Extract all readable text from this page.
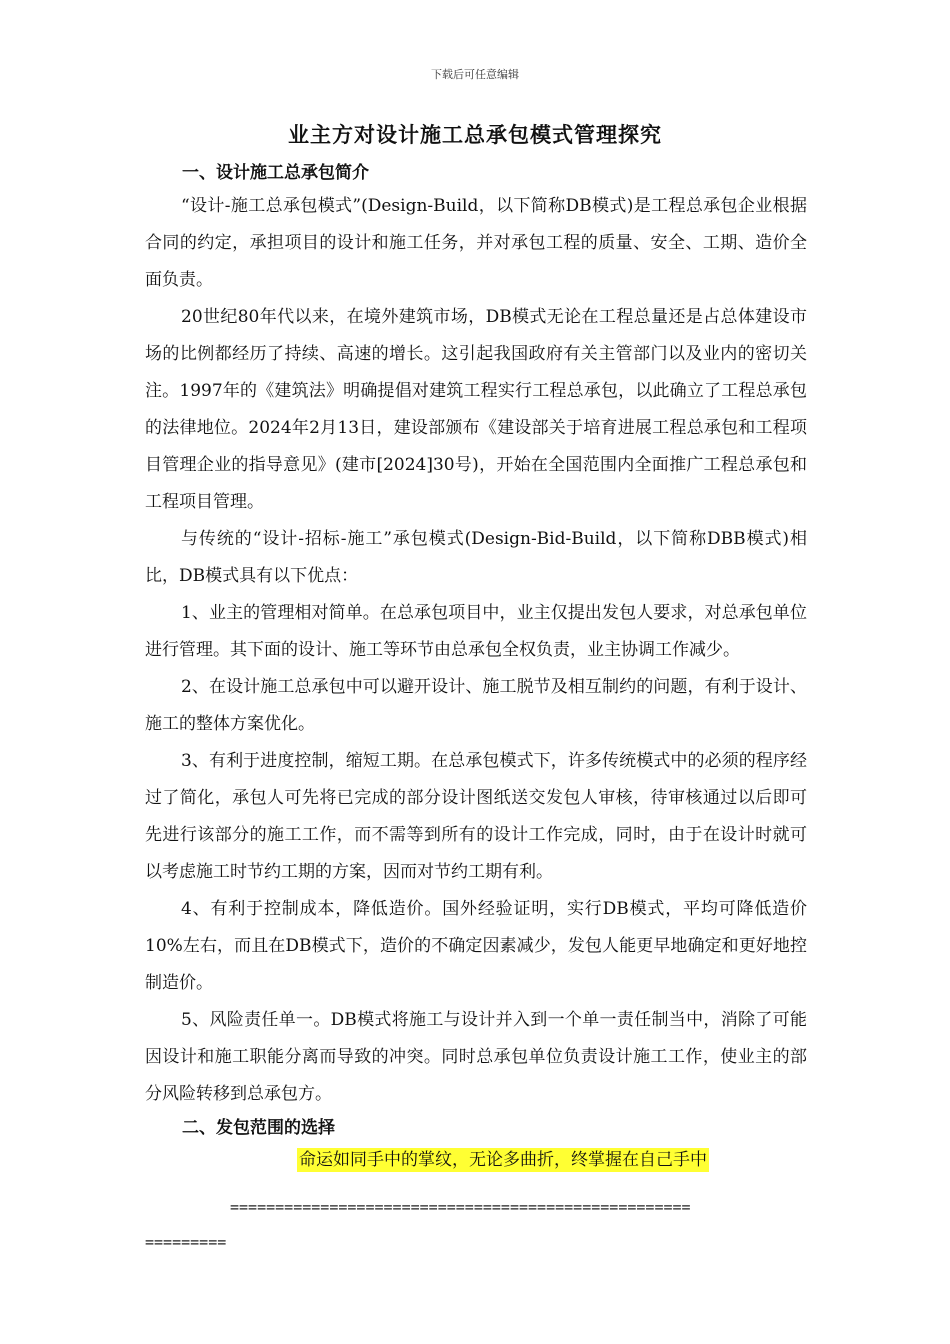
下载后可任意编辑
业主方对设计施工总承包模式管理探究
一、设计施工总承包简介

“设计-施工总承包模式”(Design-Build，以下简称DB模式)是工程总承包企业根据合同的约定，承担项目的设计和施工任务，并对承包工程的质量、安全、工期、造价全面负责。

20世纪80年代以来，在境外建筑市场，DB模式无论在工程总量还是占总体建设市场的比例都经历了持续、高速的增长。这引起我国政府有关主管部门以及业内的密切关注。1997年的《建筑法》明确提倡对建筑工程实行工程总承包，以此确立了工程总承包的法律地位。2024年2月13日，建设部颁布《建设部关于培育进展工程总承包和工程项目管理企业的指导意见》(建市[2024]30号)，开始在全国范围内全面推广工程总承包和工程项目管理。

与传统的“设计-招标-施工”承包模式(Design-Bid-Build，以下简称DBB模式)相比，DB模式具有以下优点：

1、业主的管理相对简单。在总承包项目中，业主仅提出发包人要求，对总承包单位进行管理。其下面的设计、施工等环节由总承包全权负责，业主协调工作减少。

2、在设计施工总承包中可以避开设计、施工脱节及相互制约的问题，有利于设计、施工的整体方案优化。

3、有利于进度控制，缩短工期。在总承包模式下，许多传统模式中的必须的程序经过了简化，承包人可先将已完成的部分设计图纸送交发包人审核，待审核通过以后即可先进行该部分的施工工作，而不需等到所有的设计工作完成，同时，由于在设计时就可以考虑施工时节约工期的方案，因而对节约工期有利。

4、有利于控制成本，降低造价。国外经验证明，实行DB模式，平均可降低造价10%左右，而且在DB模式下，造价的不确定因素减少，发包人能更早地确定和更好地控制造价。

5、风险责任单一。DB模式将施工与设计并入到一个单一责任制当中，消除了可能因设计和施工职能分离而导致的冲突。同时总承包单位负责设计施工工作，使业主的部分风险转移到总承包方。

二、发包范围的选择
命运如同手中的掌纹，无论多曲折，终掌握在自己手中
===================================================
=========
